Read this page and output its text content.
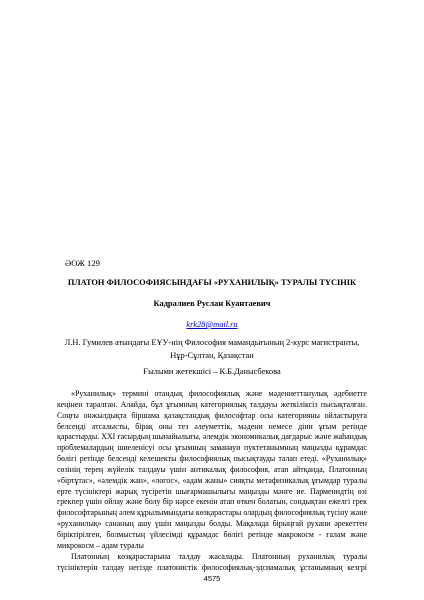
ӘОЖ 129
ПЛАТОН ФИЛОСОФИЯСЫНДАҒЫ «РУХАНИЛЫҚ» ТУРАЛЫ ТҮСІНІК
Кадралиев Руслан Куантаевич
krk28@mail.ru
Л.Н. Гумилев атындағы ЕҰУ-нің Философия мамандығының 2-курс магистранты,
Нұр-Сұлтан, Қазақстан
Ғылыми жетекшісі – К.Б.Данысбекова
«Руханилық» термині отандық философиялық және мәдениеттанулық әдебиетте
кеңінен таралған. Алайда, бұл ұғымның категориялық талдауы жеткіліксіз пысықталған.
Соңғы онжылдықта біршама қазақстандық философтар осы категорияны ойластыруға
белсенді атсалысты, бірақ оны тез әлеуметтік, мәдени немесе діни ұғым ретінде
қарастырды. XXI ғасырдың шынайылығы, әлемдік экономикалық дағдарыс және жаһандық
проблемалардың шиеленісуі осы ұғымның заманауи пуктетанымның маңызды құрамдас
бөлігі ретінде белсенді келешекты философиялық пысықтауды талап етеді. «Руханилық»
сөзінің терең жүйелік талдауы үшін антикалық философия, атап айтқанда, Платонның
«біртұтас», «әлемдік жан», «логос», «адам жаны» сияқты метафизикалық ұғымдар туралы
ерте түсініктері жарық түсіретін шығармашылығы маңызды мәнге ие. Парменидтің өзі
грекпер үшін ойлау және болу бір нәрсе екенін атап өткен болатын, сондықтан ежелгі грек
философтарының әлем құрылымындағы көзқарастары олардың философиялық түсіну және
«руханилық» сананың ашу үшін маңызды болды. Мақалада бірыңғай рухани әрекеттен
біріктірілген, болмыстың үйлесімді құрамдас бөлігі ретінде макрокосм - ғалам және
микрокосм – адам туралы
Платонның көзқарастарына талдау жасалады. Платонның руханилық туралы
түсініктерін талдау негізде платонистік философиялық-эдсиамалық ұстанымның кезгрі
4575
